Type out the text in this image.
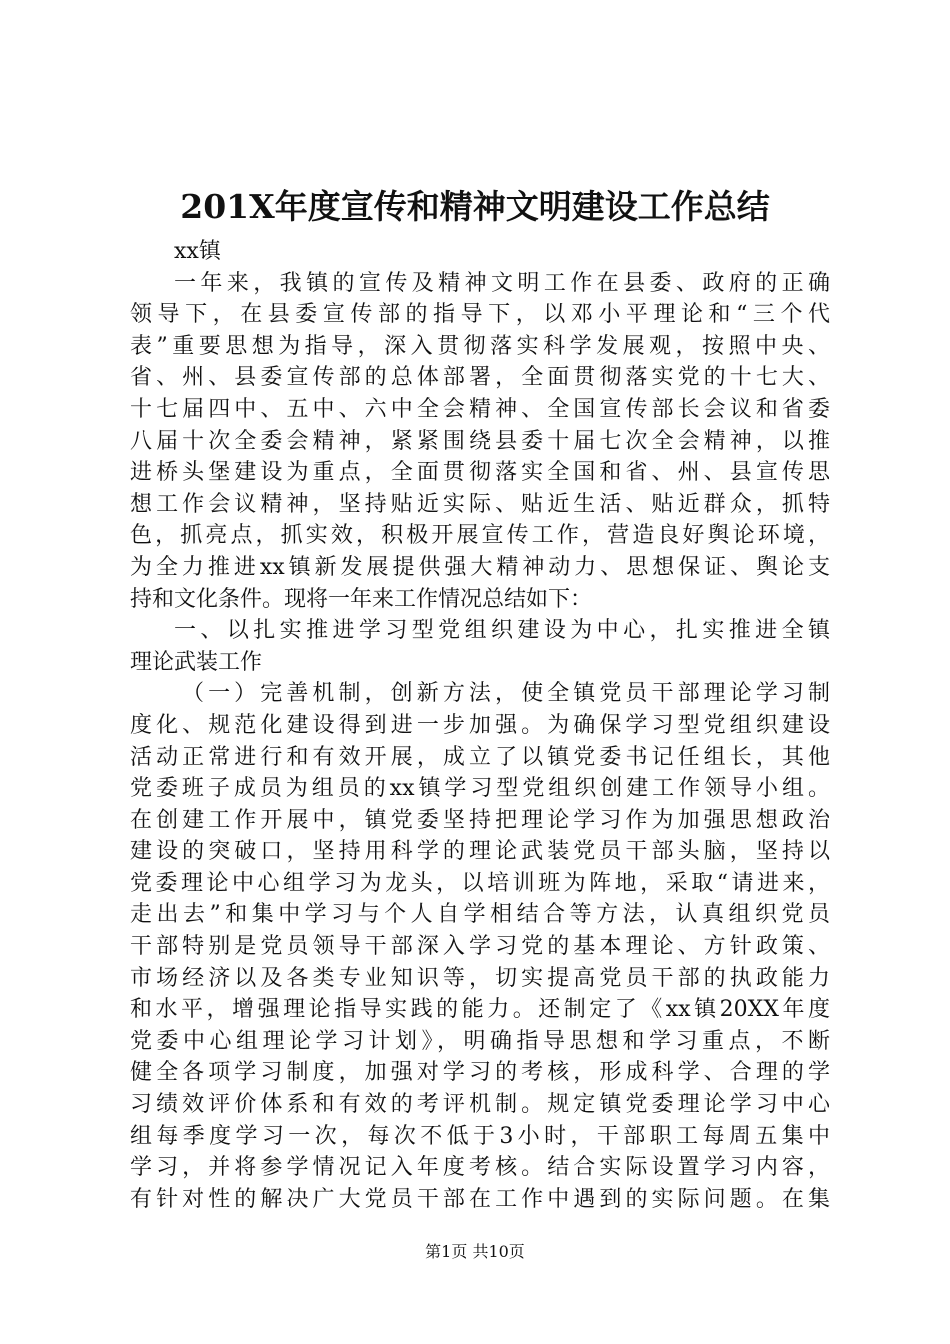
201X年度宣传和精神文明建设工作总结
xx镇
一年来，我镇的宣传及精神文明工作在县委、政府的正确
领导下，在县委宣传部的指导下，以邓小平理论和“三个代
表”重要思想为指导，深入贯彻落实科学发展观，按照中央、
省、州、县委宣传部的总体部署，全面贯彻落实党的十七大、
十七届四中、五中、六中全会精神、全国宣传部长会议和省委
八届十次全委会精神，紧紧围绕县委十届七次全会精神，以推
进桥头堡建设为重点，全面贯彻落实全国和省、州、县宣传思
想工作会议精神，坚持贴近实际、贴近生活、贴近群众，抓特
色，抓亮点，抓实效，积极开展宣传工作，营造良好舆论环境，
为全力推进xx镇新发展提供强大精神动力、思想保证、舆论支
持和文化条件。现将一年来工作情况总结如下：
一、以扎实推进学习型党组织建设为中心，扎实推进全镇
理论武装工作
（一）完善机制，创新方法，使全镇党员干部理论学习制
度化、规范化建设得到进一步加强。为确保学习型党组织建设
活动正常进行和有效开展，成立了以镇党委书记任组长，其他
党委班子成员为组员的xx镇学习型党组织创建工作领导小组。
在创建工作开展中，镇党委坚持把理论学习作为加强思想政治
建设的突破口，坚持用科学的理论武装党员干部头脑，坚持以
党委理论中心组学习为龙头，以培训班为阵地，采取“请进来，
走出去”和集中学习与个人自学相结合等方法，认真组织党员
干部特别是党员领导干部深入学习党的基本理论、方针政策、
市场经济以及各类专业知识等，切实提高党员干部的执政能力
和水平，增强理论指导实践的能力。还制定了《xx镇20XX年度
党委中心组理论学习计划》，明确指导思想和学习重点，不断
健全各项学习制度，加强对学习的考核，形成科学、合理的学
习绩效评价体系和有效的考评机制。规定镇党委理论学习中心
组每季度学习一次，每次不低于3小时，干部职工每周五集中
学习，并将参学情况记入年度考核。结合实际设置学习内容，
有针对性的解决广大党员干部在工作中遇到的实际问题。在集
第1页 共10页
